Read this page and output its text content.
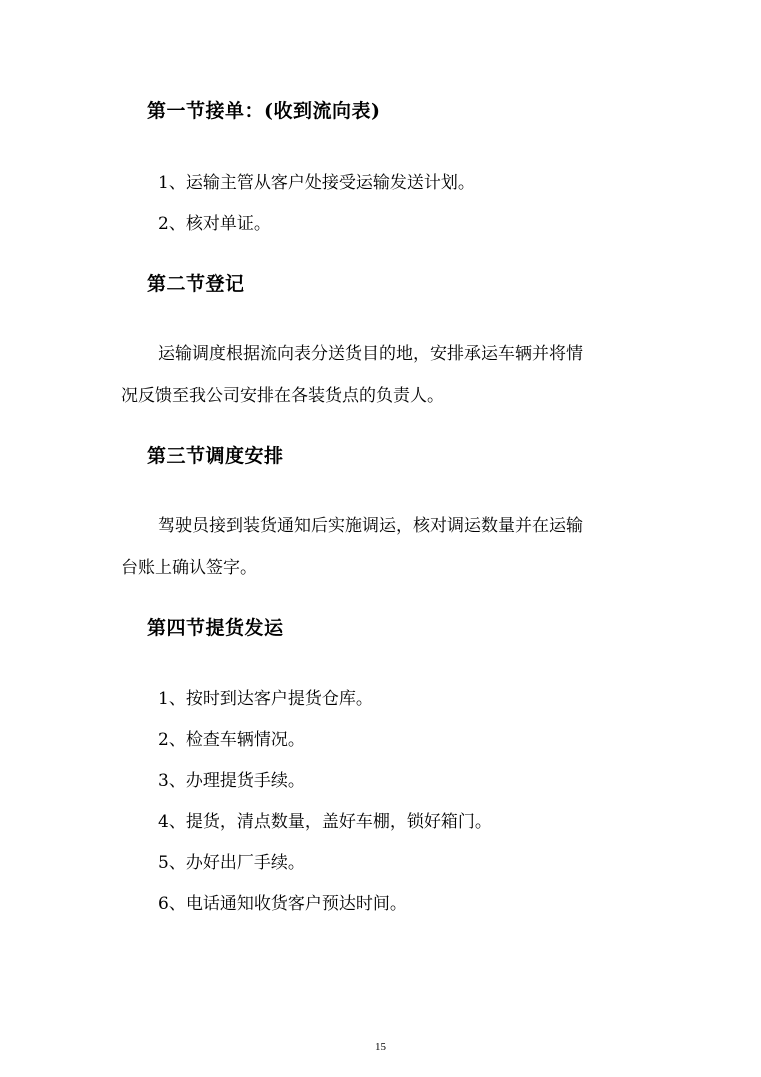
第一节接单：(收到流向表)
1、运输主管从客户处接受运输发送计划。
2、核对单证。
第二节登记
运输调度根据流向表分送货目的地，安排承运车辆并将情
况反馈至我公司安排在各装货点的负责人。
第三节调度安排
驾驶员接到装货通知后实施调运，核对调运数量并在运输
台账上确认签字。
第四节提货发运
1、按时到达客户提货仓库。
2、检查车辆情况。
3、办理提货手续。
4、提货，清点数量，盖好车棚，锁好箱门。
5、办好出厂手续。
6、电话通知收货客户预达时间。
15
